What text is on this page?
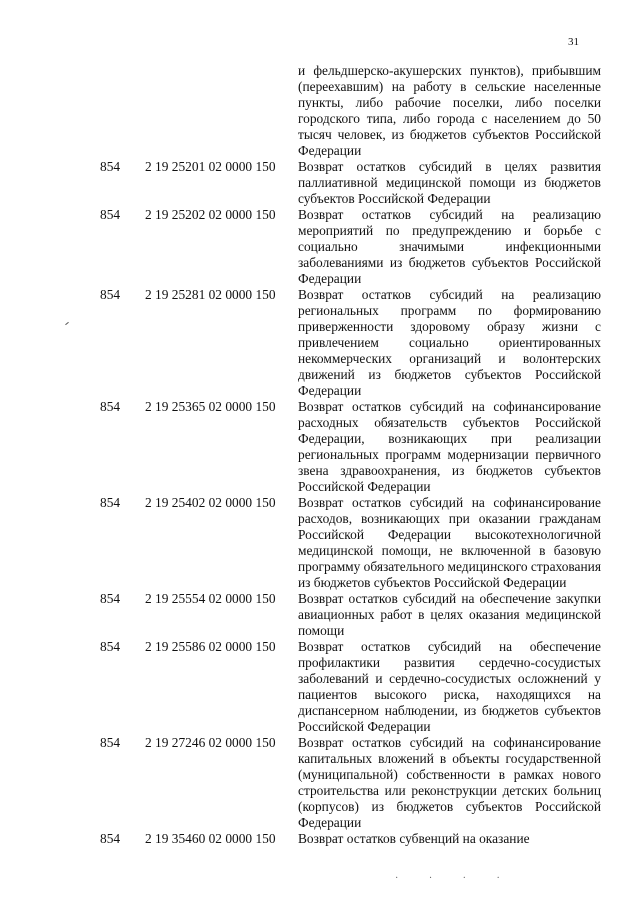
31
и фельдшерско-акушерских пунктов), прибывшим (переехавшим) на работу в сельские населенные пункты, либо рабочие поселки, либо поселки городского типа, либо города с населением до 50 тысяч человек, из бюджетов субъектов Российской Федерации
854 2 19 25201 02 0000 150 Возврат остатков субсидий в целях развития паллиативной медицинской помощи из бюджетов субъектов Российской Федерации
854 2 19 25202 02 0000 150 Возврат остатков субсидий на реализацию мероприятий по предупреждению и борьбе с социально значимыми инфекционными заболеваниями из бюджетов субъектов Российской Федерации
854 2 19 25281 02 0000 150 Возврат остатков субсидий на реализацию региональных программ по формированию приверженности здоровому образу жизни с привлечением социально ориентированных некоммерческих организаций и волонтерских движений из бюджетов субъектов Российской Федерации
854 2 19 25365 02 0000 150 Возврат остатков субсидий на софинансирование расходных обязательств субъектов Российской Федерации, возникающих при реализации региональных программ модернизации первичного звена здравоохранения, из бюджетов субъектов Российской Федерации
854 2 19 25402 02 0000 150 Возврат остатков субсидий на софинансирование расходов, возникающих при оказании гражданам Российской Федерации высокотехнологичной медицинской помощи, не включенной в базовую программу обязательного медицинского страхования из бюджетов субъектов Российской Федерации
854 2 19 25554 02 0000 150 Возврат остатков субсидий на обеспечение закупки авиационных работ в целях оказания медицинской помощи
854 2 19 25586 02 0000 150 Возврат остатков субсидий на обеспечение профилактики развития сердечно-сосудистых заболеваний и сердечно-сосудистых осложнений у пациентов высокого риска, находящихся на диспансерном наблюдении, из бюджетов субъектов Российской Федерации
854 2 19 27246 02 0000 150 Возврат остатков субсидий на софинансирование капитальных вложений в объекты государственной (муниципальной) собственности в рамках нового строительства или реконструкции детских больниц (корпусов) из бюджетов субъектов Российской Федерации
854 2 19 35460 02 0000 150 Возврат остатков субвенций на оказание
· · · ·
